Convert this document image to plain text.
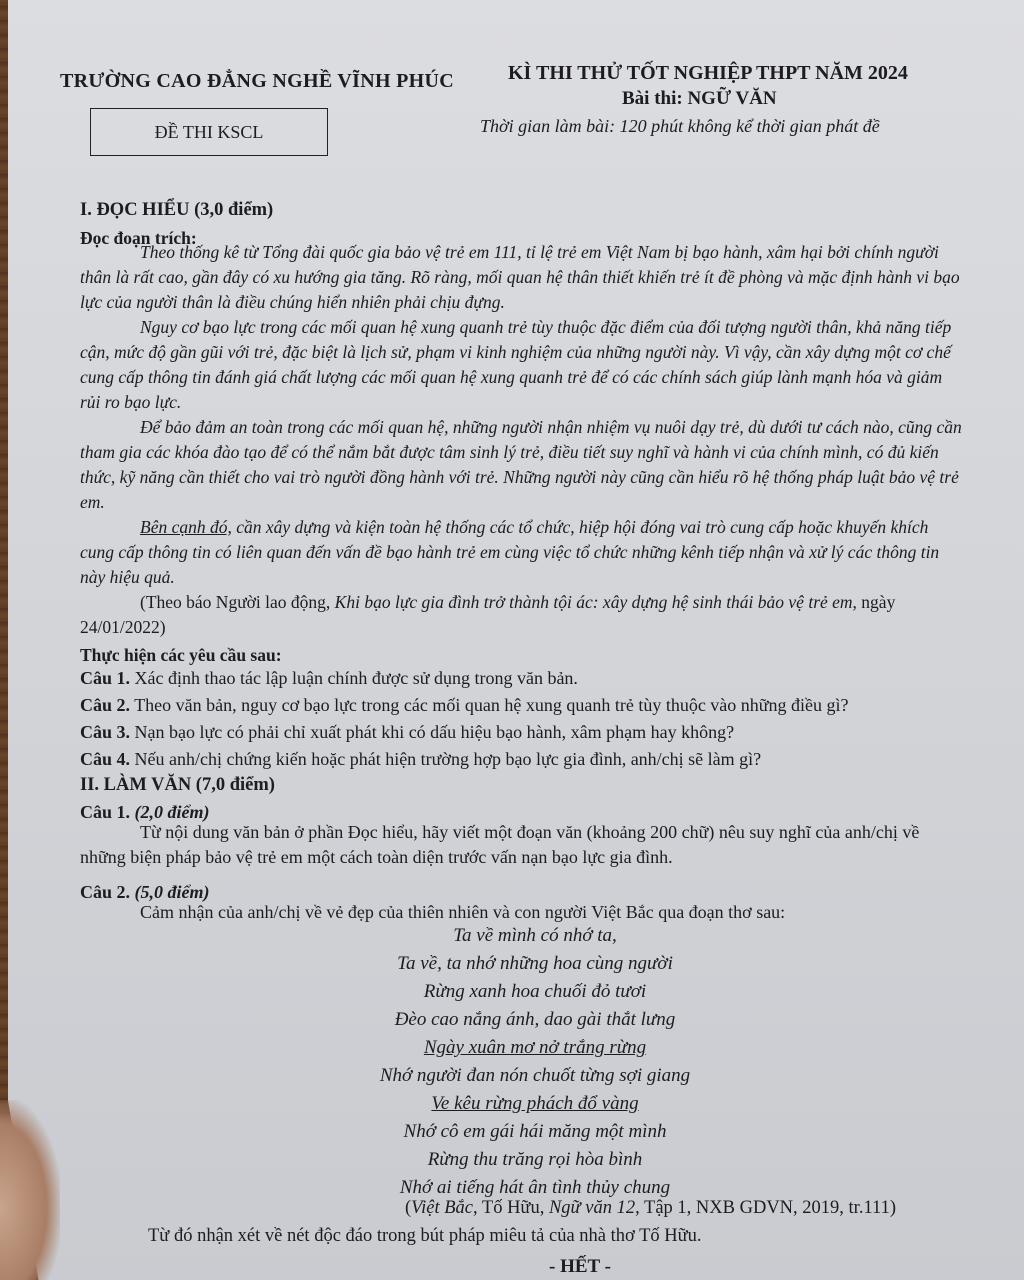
TRƯỜNG CAO ĐẲNG NGHỀ VĨNH PHÚC	KÌ THI THỬ TỐT NGHIỆP THPT NĂM 2024
Bài thi: NGỮ VĂN
ĐỀ THI KSCL	Thời gian làm bài: 120 phút không kể thời gian phát đề
I. ĐỌC HIỂU (3,0 điểm)
Đọc đoạn trích:
Theo thống kê từ Tổng đài quốc gia bảo vệ trẻ em 111, tỉ lệ trẻ em Việt Nam bị bạo hành, xâm hại bởi chính người thân là rất cao, gần đây có xu hướng gia tăng. Rõ ràng, mối quan hệ thân thiết khiến trẻ ít đề phòng và mặc định hành vi bạo lực của người thân là điều chúng hiển nhiên phải chịu đựng.
Nguy cơ bạo lực trong các mối quan hệ xung quanh trẻ tùy thuộc đặc điểm của đối tượng người thân, khả năng tiếp cận, mức độ gần gũi với trẻ, đặc biệt là lịch sử, phạm vi kinh nghiệm của những người này. Vì vậy, cần xây dựng một cơ chế cung cấp thông tin đánh giá chất lượng các mối quan hệ xung quanh trẻ để có các chính sách giúp lành mạnh hóa và giảm rủi ro bạo lực.
Để bảo đảm an toàn trong các mối quan hệ, những người nhận nhiệm vụ nuôi dạy trẻ, dù dưới tư cách nào, cũng cần tham gia các khóa đào tạo để có thể nắm bắt được tâm sinh lý trẻ, điều tiết suy nghĩ và hành vi của chính mình, có đủ kiến thức, kỹ năng cần thiết cho vai trò người đồng hành với trẻ. Những người này cũng cần hiểu rõ hệ thống pháp luật bảo vệ trẻ em.
Bên cạnh đó, cần xây dựng và kiện toàn hệ thống các tổ chức, hiệp hội đóng vai trò cung cấp hoặc khuyến khích cung cấp thông tin có liên quan đến vấn đề bạo hành trẻ em cùng việc tổ chức những kênh tiếp nhận và xử lý các thông tin này hiệu quả.
(Theo báo Người lao động, Khi bạo lực gia đình trở thành tội ác: xây dựng hệ sinh thái bảo vệ trẻ em, ngày 24/01/2022)
Thực hiện các yêu cầu sau:
Câu 1. Xác định thao tác lập luận chính được sử dụng trong văn bản.
Câu 2. Theo văn bản, nguy cơ bạo lực trong các mối quan hệ xung quanh trẻ tùy thuộc vào những điều gì?
Câu 3. Nạn bạo lực có phải chỉ xuất phát khi có dấu hiệu bạo hành, xâm phạm hay không?
Câu 4. Nếu anh/chị chứng kiến hoặc phát hiện trường hợp bạo lực gia đình, anh/chị sẽ làm gì?
II. LÀM VĂN (7,0 điểm)
Câu 1. (2,0 điểm)
Từ nội dung văn bản ở phần Đọc hiểu, hãy viết một đoạn văn (khoảng 200 chữ) nêu suy nghĩ của anh/chị về những biện pháp bảo vệ trẻ em một cách toàn diện trước vấn nạn bạo lực gia đình.
Câu 2. (5,0 điểm)
Cảm nhận của anh/chị về vẻ đẹp của thiên nhiên và con người Việt Bắc qua đoạn thơ sau:
Ta về mình có nhớ ta,
Ta về, ta nhớ những hoa cùng người
Rừng xanh hoa chuối đỏ tươi
Đèo cao nắng ánh, dao gài thắt lưng
Ngày xuân mơ nở trắng rừng
Nhớ người đan nón chuốt từng sợi giang
Ve kêu rừng phách đổ vàng
Nhớ cô em gái hái măng một mình
Rừng thu trăng rọi hòa bình
Nhớ ai tiếng hát ân tình thủy chung
(Việt Bắc, Tố Hữu, Ngữ văn 12, Tập 1, NXB GDVN, 2019, tr.111)
Từ đó nhận xét về nét độc đáo trong bút pháp miêu tả của nhà thơ Tố Hữu.
- HẾT -
